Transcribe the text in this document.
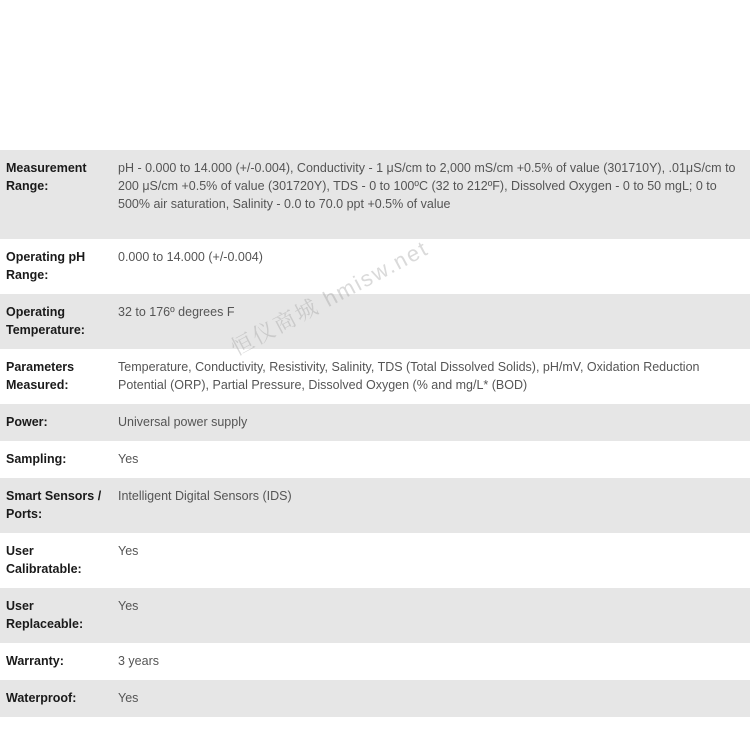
Measurement Range:	pH - 0.000 to 14.000 (+/-0.004), Conductivity - 1 μS/cm to 2,000 mS/cm +0.5% of value (301710Y), .01μS/cm to 200 μS/cm +0.5% of value (301720Y), TDS - 0 to 100ºC (32 to 212ºF), Dissolved Oxygen - 0 to 50 mgL; 0 to 500% air saturation, Salinity - 0.0 to 70.0 ppt +0.5% of value
Operating pH Range:	0.000 to 14.000 (+/-0.004)
Operating Temperature:	32 to 176º degrees F
Parameters Measured:	Temperature, Conductivity, Resistivity, Salinity, TDS (Total Dissolved Solids), pH/mV, Oxidation Reduction Potential (ORP), Partial Pressure, Dissolved Oxygen (% and mg/L* (BOD)
Power:	Universal power supply
Sampling:	Yes
Smart Sensors / Ports:	Intelligent Digital Sensors (IDS)
User Calibratable:	Yes
User Replaceable:	Yes
Warranty:	3 years
Waterproof:	Yes
恒仪商城 hmisw.net
